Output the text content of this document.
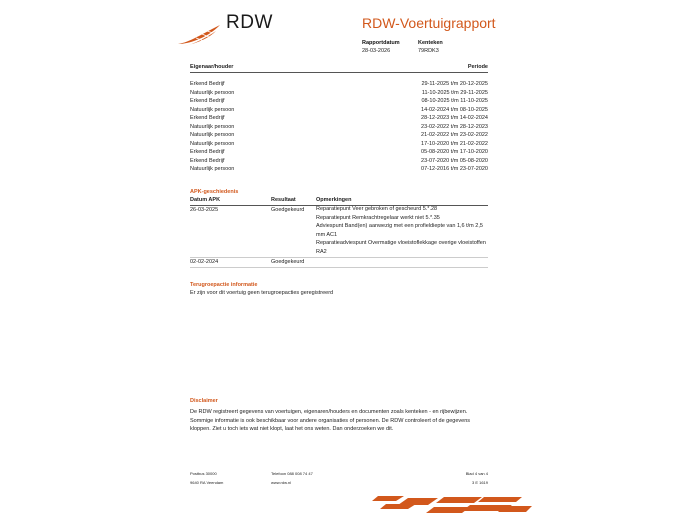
RDW	RDW-Voertuigrapport
Rapportdatum
28-03-2026
Kenteken
79RDK3
Eigenaar/houder	Periode
Erkend Bedrijf	29-11-2025 t/m 20-12-2025
Natuurlijk persoon	11-10-2025 t/m 29-11-2025
Erkend Bedrijf	08-10-2025 t/m 11-10-2025
Natuurlijk persoon	14-02-2024 t/m 08-10-2025
Erkend Bedrijf	28-12-2023 t/m 14-02-2024
Natuurlijk persoon	23-02-2022 t/m 28-12-2023
Natuurlijk persoon	21-02-2022 t/m 23-02-2022
Natuurlijk persoon	17-10-2020 t/m 21-02-2022
Erkend Bedrijf	05-08-2020 t/m 17-10-2020
Erkend Bedrijf	23-07-2020 t/m 05-08-2020
Natuurlijk persoon	07-12-2016 t/m 23-07-2020
APK-geschiedenis
Datum APK	Resultaat	Opmerkingen
26-03-2025	Goedgekeurd Reparatiepunt Veer gebroken of gescheurd 5.*.28
Reparatiepunt Remkrachtregelaar werkt niet 5.*.35
Adviespunt Band(en) aanwezig met een profieldiepte van 1,6 t/m 2,5 mm AC1
Reparatieadviespunt Overmatige vloeistoflekkage overige vloeistoffen RA2
02-02-2024	Goedgekeurd
Terugroepactie informatie
Er zijn voor dit voertuig geen terugroepacties geregistreerd
Disclaimer
De RDW registreert gegevens van voertuigen, eigenaren/houders en documenten zoals kenteken - en rijbewijzen.
Sommige informatie is ook beschikbaar voor andere organisaties of personen. De RDW controleert of de gegevens
kloppen. Ziet u toch iets wat niet klopt, laat het ons weten. Dan onderzoeken we dit.
Postbus 30000
9640 RA Veendam
Telefoon 088 008 74 47
www.rdw.nl
Blad 4 van 4
3 E 1619
